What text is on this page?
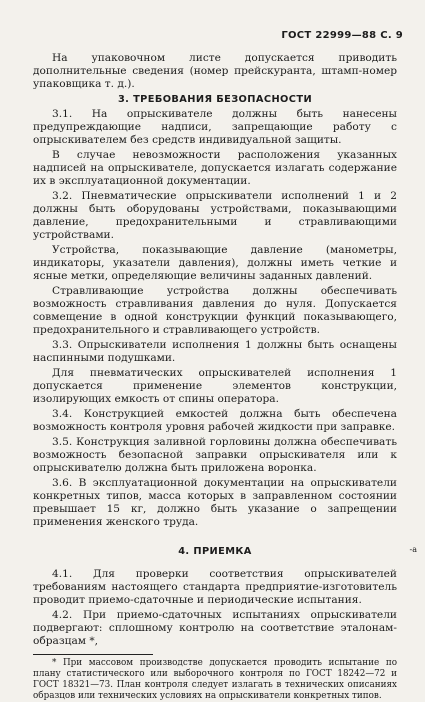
ГОСТ 22999—88 С. 9

На упаковочном листе допускается приводить дополнительные сведения (номер прейскуранта, штамп-номер упаковщика т. д.).

3. ТРЕБОВАНИЯ БЕЗОПАСНОСТИ

3.1. На опрыскивателе должны быть нанесены предупреждающие надписи, запрещающие работу с опрыскивателем без средств индивидуальной защиты.

В случае невозможности расположения указанных надписей на опрыскивателе, допускается излагать содержание их в эксплуатационной документации.

3.2. Пневматические опрыскиватели исполнений 1 и 2 должны быть оборудованы устройствами, показывающими давление, предохранительными и стравливающими устройствами.

Устройства, показывающие давление (манометры, индикаторы, указатели давления), должны иметь четкие и ясные метки, определяющие величины заданных давлений.

Стравливающие устройства должны обеспечивать возможность стравливания давления до нуля. Допускается совмещение в одной конструкции функций показывающего, предохранительного и стравливающего устройств.

3.3. Опрыскиватели исполнения 1 должны быть оснащены наспинными подушками.

Для пневматических опрыскивателей исполнения 1 допускается применение элементов конструкции, изолирующих емкость от спины оператора.

3.4. Конструкцией емкостей должна быть обеспечена возможность контроля уровня рабочей жидкости при заправке.

3.5. Конструкция заливной горловины должна обеспечивать возможность безопасной заправки опрыскивателя или к опрыскивателю должна быть приложена воронка.

3.6. В эксплуатационной документации на опрыскиватели конкретных типов, масса которых в заправленном состоянии превышает 15 кг, должно быть указание о запрещении применения женского труда.

4. ПРИЕМКА

4.1. Для проверки соответствия опрыскивателей требованиям настоящего стандарта предприятие-изготовитель проводит приемо-сдаточные и периодические испытания.

4.2. При приемо-сдаточных испытаниях опрыскиватели подвергают: сплошному контролю на соответствие эталонам-образцам *,

* При массовом производстве допускается проводить испытание по плану статистического или выборочного контроля по ГОСТ 18242—72 и ГОСТ 18321—73. План контроля следует излагать в технических описаниях образцов или технических условиях на опрыскиватели конкретных типов.

-а
